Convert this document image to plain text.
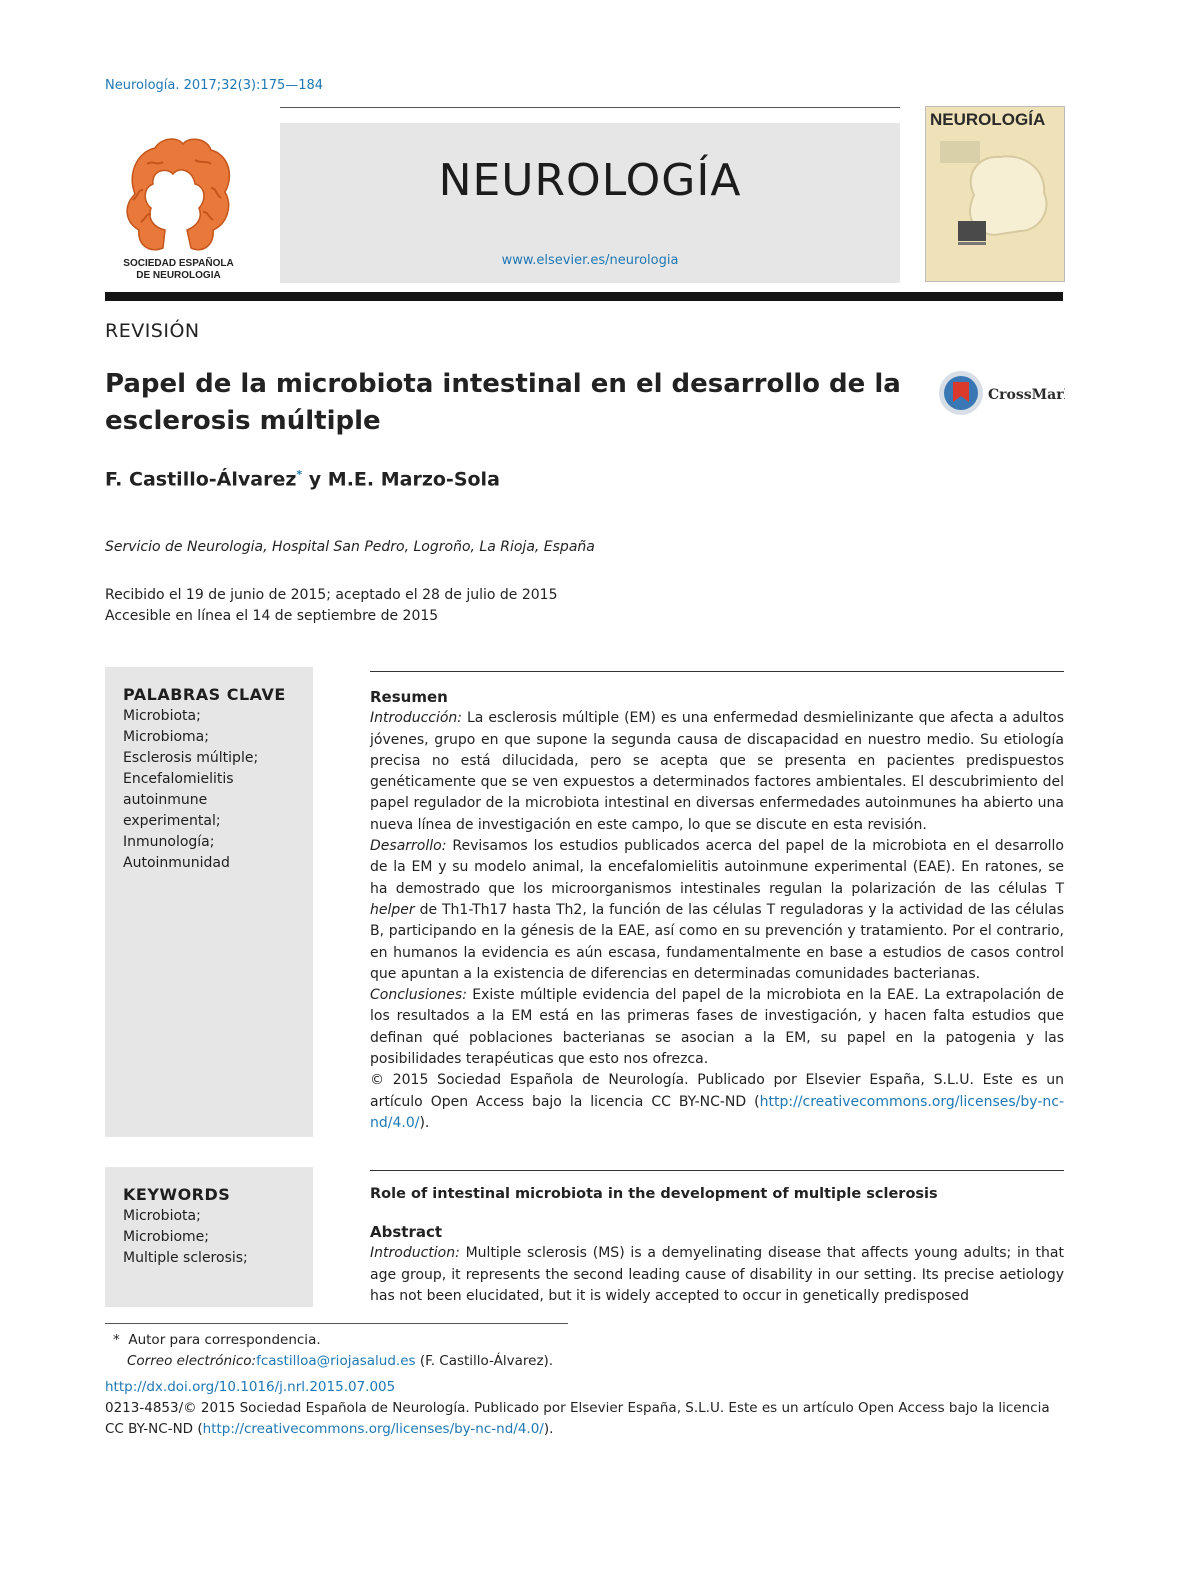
Neurología. 2017;32(3):175—184
SOCIEDAD ESPAÑOLA
DE NEUROLOGIA
NEUROLOGÍA
www.elsevier.es/neurologia
NEUROLOGÍA
REVISIÓN
Papel de la microbiota intestinal en el desarrollo de la esclerosis múltiple
CrossMark
F. Castillo-Álvarez* y M.E. Marzo-Sola
Servicio de Neurologia, Hospital San Pedro, Logroño, La Rioja, España
Recibido el 19 de junio de 2015; aceptado el 28 de julio de 2015
Accesible en línea el 14 de septiembre de 2015
PALABRAS CLAVE
Microbiota;
Microbioma;
Esclerosis múltiple;
Encefalomielitis
autoinmune
experimental;
Inmunología;
Autoinmunidad
Resumen

Introducción: La esclerosis múltiple (EM) es una enfermedad desmielinizante que afecta a adultos jóvenes, grupo en que supone la segunda causa de discapacidad en nuestro medio. Su etiología precisa no está dilucidada, pero se acepta que se presenta en pacientes predispuestos genéticamente que se ven expuestos a determinados factores ambientales. El descubrimiento del papel regulador de la microbiota intestinal en diversas enfermedades autoinmunes ha abierto una nueva línea de investigación en este campo, lo que se discute en esta revisión.

Desarrollo: Revisamos los estudios publicados acerca del papel de la microbiota en el desarrollo de la EM y su modelo animal, la encefalomielitis autoinmune experimental (EAE). En ratones, se ha demostrado que los microorganismos intestinales regulan la polarización de las células T helper de Th1-Th17 hasta Th2, la función de las células T reguladoras y la actividad de las células B, participando en la génesis de la EAE, así como en su prevención y tratamiento. Por el contrario, en humanos la evidencia es aún escasa, fundamentalmente en base a estudios de casos control que apuntan a la existencia de diferencias en determinadas comunidades bacterianas.

Conclusiones: Existe múltiple evidencia del papel de la microbiota en la EAE. La extrapolación de los resultados a la EM está en las primeras fases de investigación, y hacen falta estudios que definan qué poblaciones bacterianas se asocian a la EM, su papel en la patogenia y las posibilidades terapéuticas que esto nos ofrezca.

© 2015 Sociedad Española de Neurología. Publicado por Elsevier España, S.L.U. Este es un artículo Open Access bajo la licencia CC BY-NC-ND (http://creativecommons.org/licenses/by-nc-nd/4.0/).

KEYWORDS
Microbiota;
Microbiome;
Multiple sclerosis;
Role of intestinal microbiota in the development of multiple sclerosis
Abstract

Introduction: Multiple sclerosis (MS) is a demyelinating disease that affects young adults; in that age group, it represents the second leading cause of disability in our setting. Its precise aetiology has not been elucidated, but it is widely accepted to occur in genetically predisposed

* Autor para correspondencia.
Correo electrónico:fcastilloa@riojasalud.es (F. Castillo-Álvarez).
http://dx.doi.org/10.1016/j.nrl.2015.07.005
0213-4853/© 2015 Sociedad Española de Neurología. Publicado por Elsevier España, S.L.U. Este es un artículo Open Access bajo la licencia CC BY-NC-ND (http://creativecommons.org/licenses/by-nc-nd/4.0/).
